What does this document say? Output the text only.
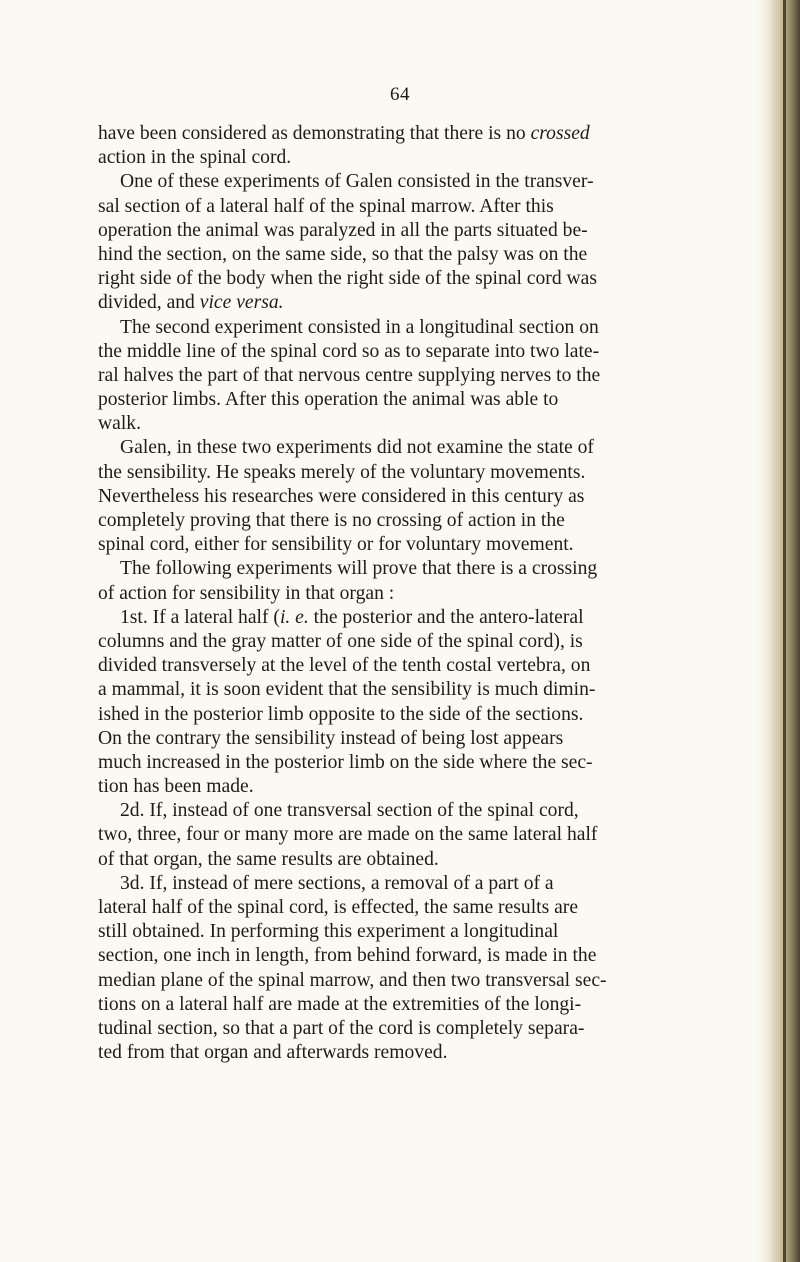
64
have been considered as demonstrating that there is no crossed
action in the spinal cord.
One of these experiments of Galen consisted in the transver-
sal section of a lateral half of the spinal marrow. After this
operation the animal was paralyzed in all the parts situated be-
hind the section, on the same side, so that the palsy was on the
right side of the body when the right side of the spinal cord was
divided, and vice versa.
The second experiment consisted in a longitudinal section on
the middle line of the spinal cord so as to separate into two late-
ral halves the part of that nervous centre supplying nerves to the
posterior limbs. After this operation the animal was able to
walk.
Galen, in these two experiments did not examine the state of
the sensibility. He speaks merely of the voluntary movements.
Nevertheless his researches were considered in this century as
completely proving that there is no crossing of action in the
spinal cord, either for sensibility or for voluntary movement.
The following experiments will prove that there is a crossing
of action for sensibility in that organ :
1st. If a lateral half (i. e. the posterior and the antero-lateral
columns and the gray matter of one side of the spinal cord), is
divided transversely at the level of the tenth costal vertebra, on
a mammal, it is soon evident that the sensibility is much dimin-
ished in the posterior limb opposite to the side of the sections.
On the contrary the sensibility instead of being lost appears
much increased in the posterior limb on the side where the sec-
tion has been made.
2d. If, instead of one transversal section of the spinal cord,
two, three, four or many more are made on the same lateral half
of that organ, the same results are obtained.
3d. If, instead of mere sections, a removal of a part of a
lateral half of the spinal cord, is effected, the same results are
still obtained. In performing this experiment a longitudinal
section, one inch in length, from behind forward, is made in the
median plane of the spinal marrow, and then two transversal sec-
tions on a lateral half are made at the extremities of the longi-
tudinal section, so that a part of the cord is completely separa-
ted from that organ and afterwards removed.
